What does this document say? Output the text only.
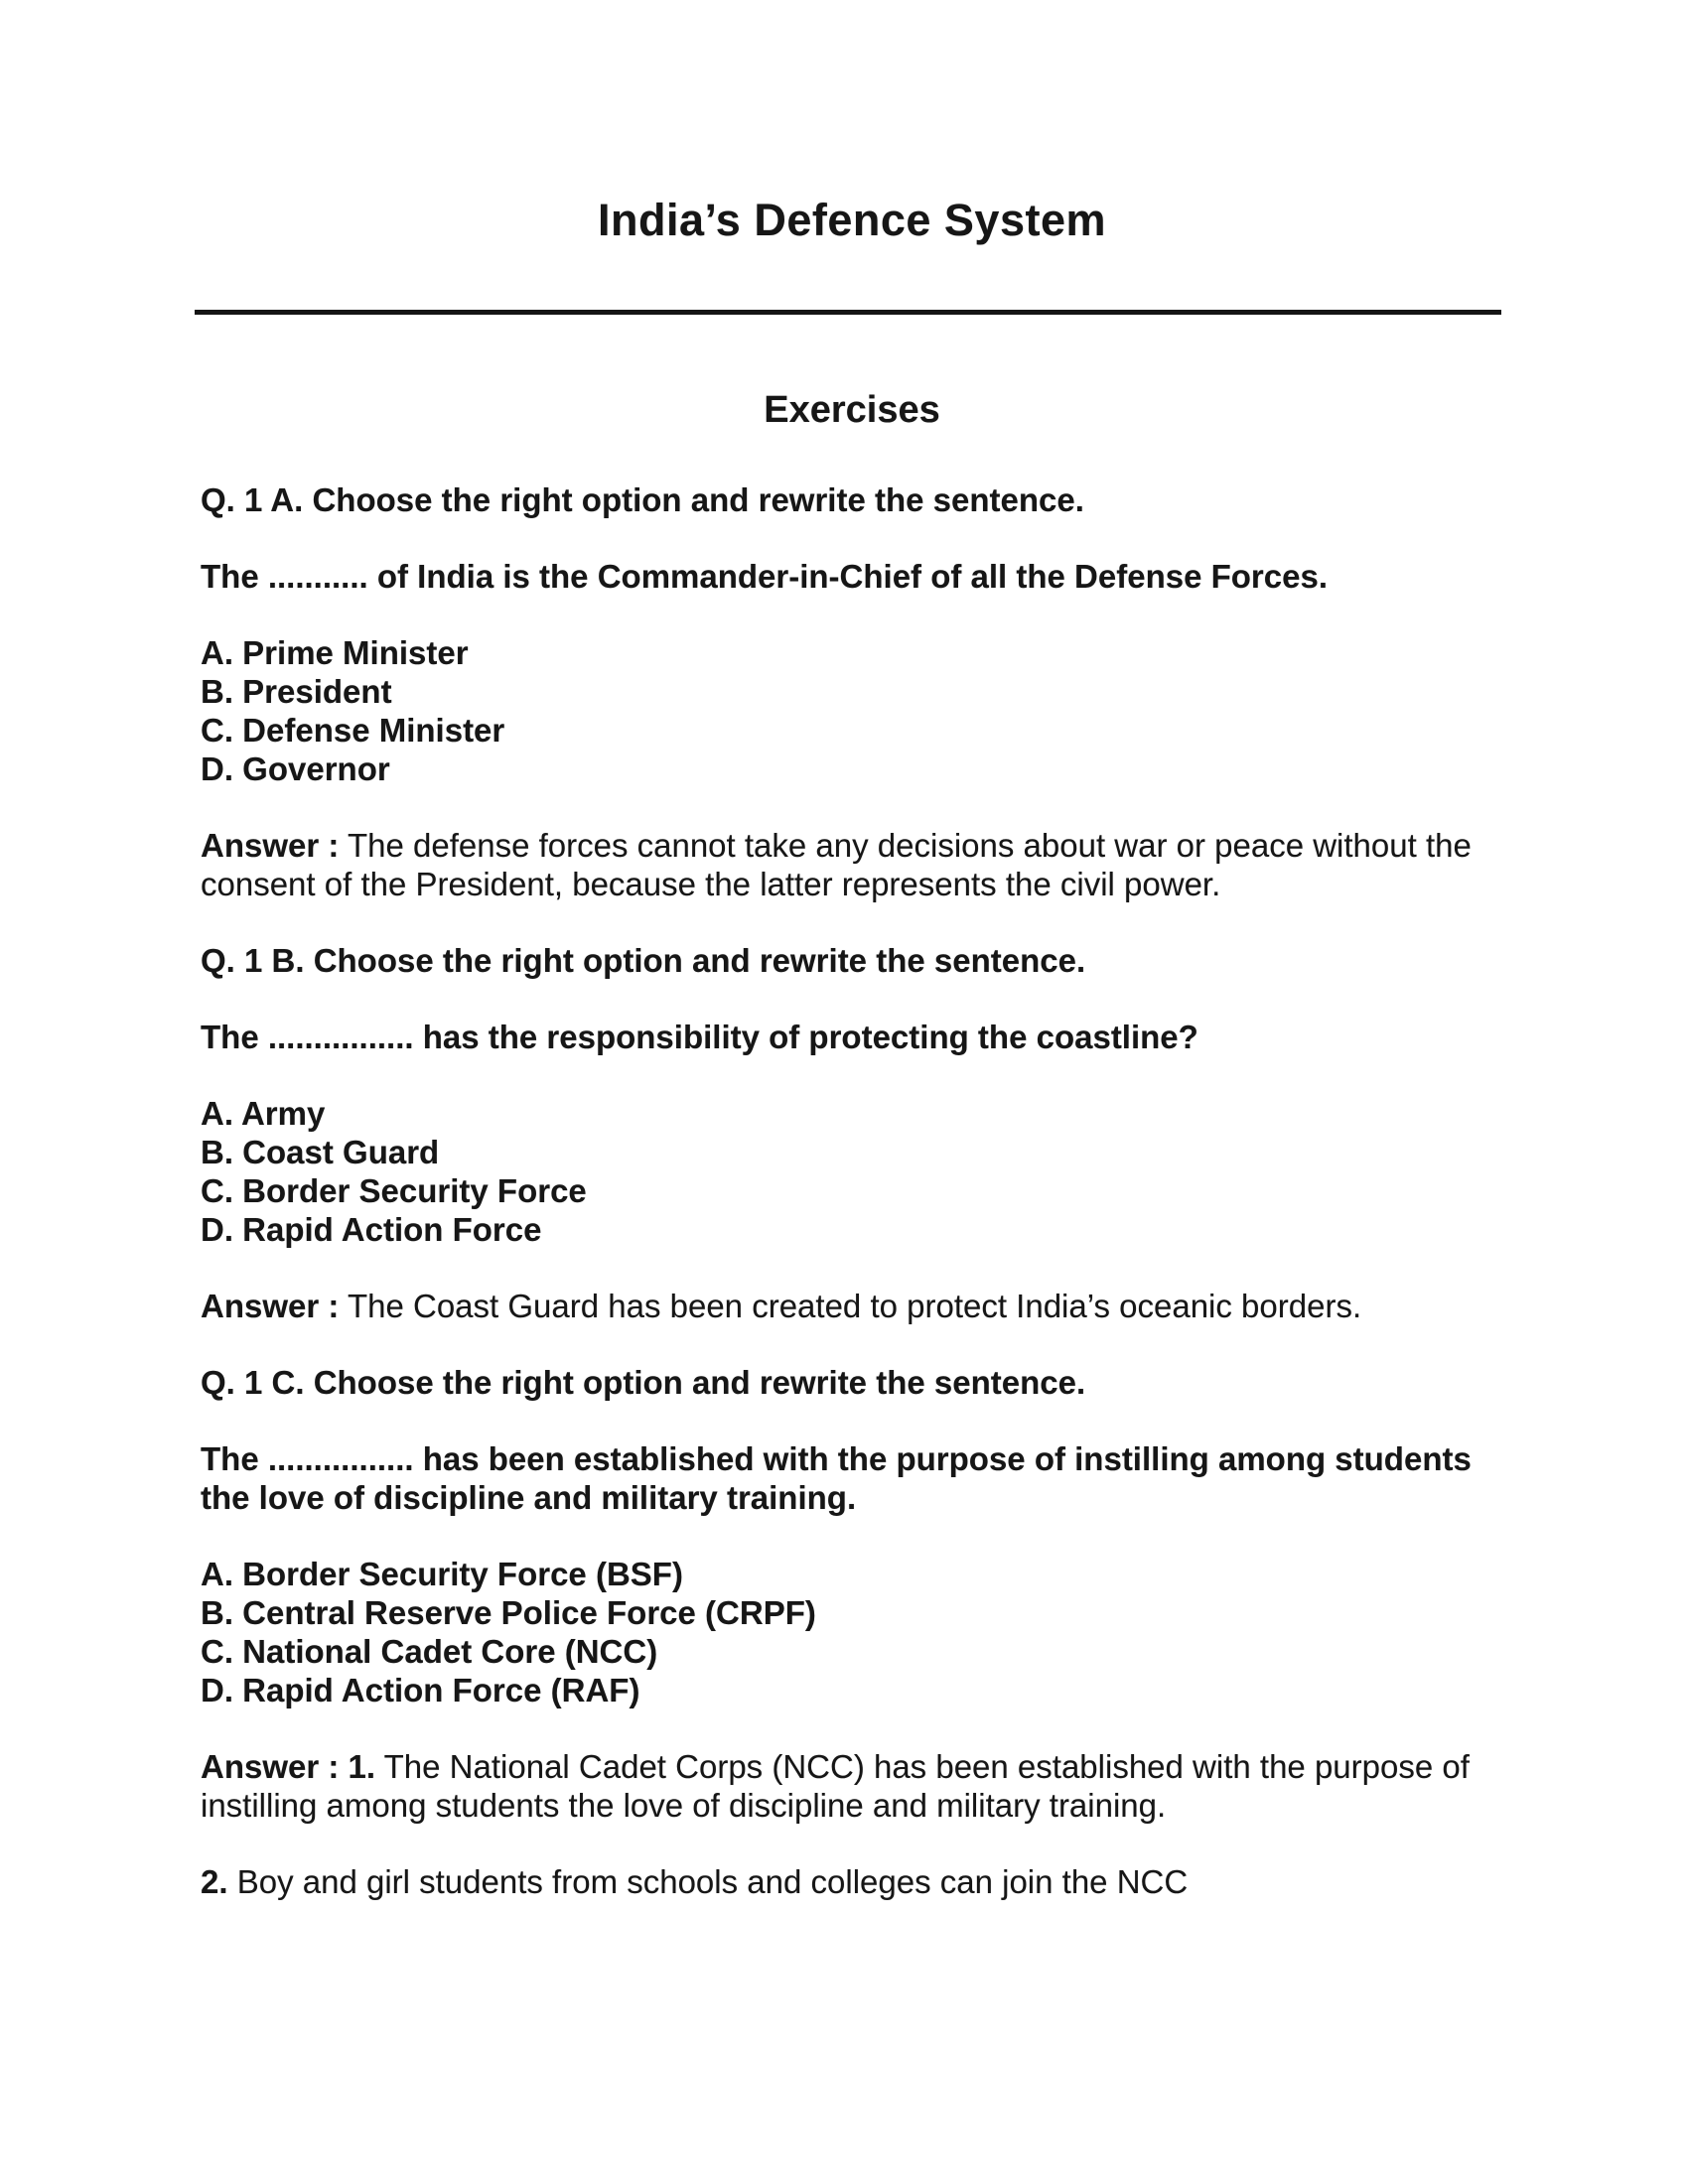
India’s Defence System
Exercises

Q. 1 A. Choose the right option and rewrite the sentence.

The ........... of India is the Commander-in-Chief of all the Defense Forces.

A. Prime Minister

B. President

C. Defense Minister

D. Governor

Answer : The defense forces cannot take any decisions about war or peace without the consent of the President, because the latter represents the civil power.

Q. 1 B. Choose the right option and rewrite the sentence.

The ................ has the responsibility of protecting the coastline?

A. Army

B. Coast Guard

C. Border Security Force

D. Rapid Action Force

Answer : The Coast Guard has been created to protect India’s oceanic borders.

Q. 1 C. Choose the right option and rewrite the sentence.

The ................ has been established with the purpose of instilling among students the love of discipline and military training.

A. Border Security Force (BSF)

B. Central Reserve Police Force (CRPF)

C. National Cadet Core (NCC)

D. Rapid Action Force (RAF)

Answer : 1. The National Cadet Corps (NCC) has been established with the purpose of instilling among students the love of discipline and military training.

2. Boy and girl students from schools and colleges can join the NCC
